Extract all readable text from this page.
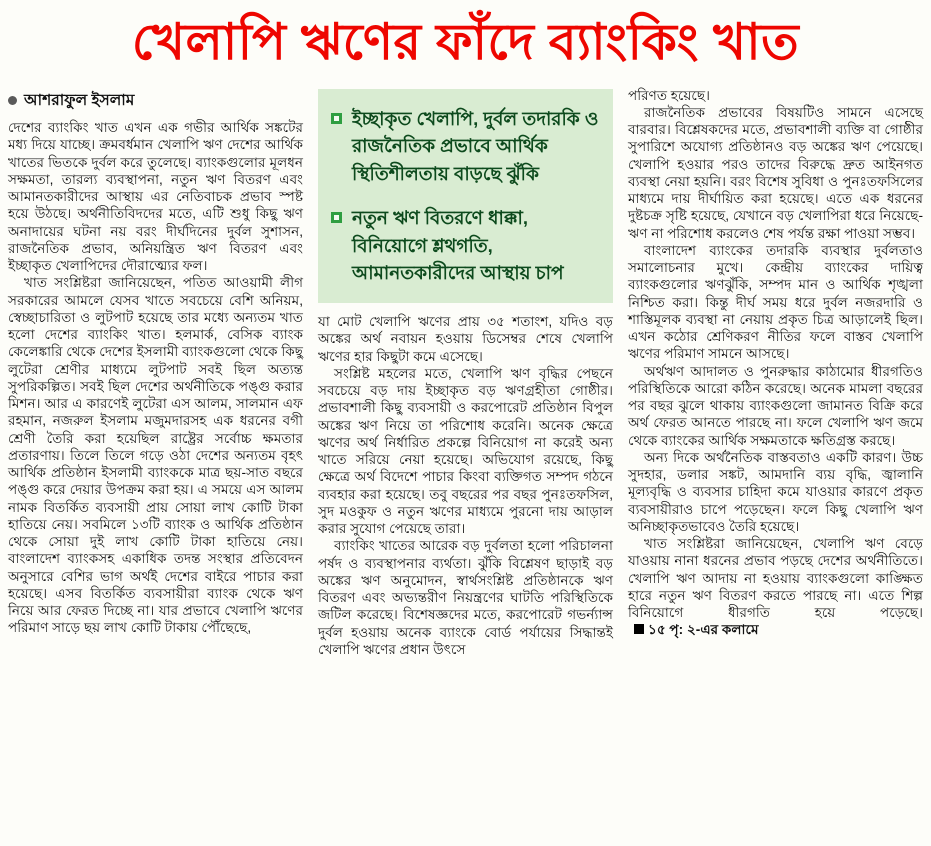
খেলাপি ঋণের ফাঁদে ব্যাংকিং খাত
আশরাফুল ইসলাম

দেশের ব্যাংকিং খাত এখন এক গভীর আর্থিক সঙ্কটের মধ্য দিয়ে যাচ্ছে। ক্রমবর্ধমান খেলাপি ঋণ দেশের আর্থিক খাতের ভিতকে দুর্বল করে তুলেছে। ব্যাংকগুলোর মূলধন সক্ষমতা, তারল্য ব্যবস্থাপনা, নতুন ঋণ বিতরণ এবং আমানতকারীদের আস্থায় এর নেতিবাচক প্রভাব স্পষ্ট হয়ে উঠছে। অর্থনীতিবিদদের মতে, এটি শুধু কিছু ঋণ অনাদায়ের ঘটনা নয় বরং দীর্ঘদিনের দুর্বল সুশাসন, রাজনৈতিক প্রভাব, অনিয়ন্ত্রিত ঋণ বিতরণ এবং ইচ্ছাকৃত খেলাপিদের দৌরাত্ম্যের ফল।

খাত সংশ্লিষ্টরা জানিয়েছেন, পতিত আওয়ামী লীগ সরকারের আমলে যেসব খাতে সবচেয়ে বেশি অনিয়ম, স্বেচ্ছাচারিতা ও লুটপাট হয়েছে তার মধ্যে অন্যতম খাত হলো দেশের ব্যাংকিং খাত। হলমার্ক, বেসিক ব্যাংক কেলেঙ্কারি থেকে দেশের ইসলামী ব্যাংকগুলো থেকে কিছু লুটেরা শ্রেণীর মাধ্যমে লুটপাট সবই ছিল অত্যন্ত সুপরিকল্পিত। সবই ছিল দেশের অর্থনীতিকে পঙ্গু করার মিশন। আর এ কারণেই লুটেরা এস আলম, সালমান এফ রহমান, নজরুল ইসলাম মজুমদারসহ এক ধরনের বগী শ্রেণী তৈরি করা হয়েছিল রাষ্ট্রের সর্বোচ্চ ক্ষমতার প্রতারণায়। তিলে তিলে গড়ে ওঠা দেশের অন্যতম বৃহৎ আর্থিক প্রতিষ্ঠান ইসলামী ব্যাংককে মাত্র ছয়-সাত বছরে পঙ্গু করে দেয়ার উপক্রম করা হয়। এ সময়ে এস আলম নামক বিতর্কিত ব্যবসায়ী প্রায় সোয়া লাখ কোটি টাকা হাতিয়ে নেয়। সবমিলে ১৩টি ব্যাংক ও আর্থিক প্রতিষ্ঠান থেকে সোয়া দুই লাখ কোটি টাকা হাতিয়ে নেয়। বাংলাদেশ ব্যাংকসহ একাধিক তদন্ত সংস্থার প্রতিবেদন অনুসারে বেশির ভাগ অর্থই দেশের বাইরে পাচার করা হয়েছে। এসব বিতর্কিত ব্যবসায়ীরা ব্যাংক থেকে ঋণ নিয়ে আর ফেরত দিচ্ছে না। যার প্রভাবে খেলাপি ঋণের পরিমাণ সাড়ে ছয় লাখ কোটি টাকায় পৌঁছেছে,

ইচ্ছাকৃত খেলাপি, দুর্বল তদারকি ও রাজনৈতিক প্রভাবে আর্থিক স্থিতিশীলতায় বাড়ছে ঝুঁকি
নতুন ঋণ বিতরণে ধাক্কা, বিনিয়োগে শ্লথগতি, আমানতকারীদের আস্থায় চাপ

যা মোট খেলাপি ঋণের প্রায় ৩৫ শতাংশ, যদিও বড় অঙ্কের অর্থ নবায়ন হওয়ায় ডিসেম্বর শেষে খেলাপি ঋণের হার কিছুটা কমে এসেছে।

সংশ্লিষ্ট মহলের মতে, খেলাপি ঋণ বৃদ্ধির পেছনে সবচেয়ে বড় দায় ইচ্ছাকৃত বড় ঋণগ্রহীতা গোষ্ঠীর। প্রভাবশালী কিছু ব্যবসায়ী ও করপোরেট প্রতিষ্ঠান বিপুল অঙ্কের ঋণ নিয়ে তা পরিশোধ করেনি। অনেক ক্ষেত্রে ঋণের অর্থ নির্ধারিত প্রকল্পে বিনিয়োগ না করেই অন্য খাতে সরিয়ে নেয়া হয়েছে। অভিযোগ রয়েছে, কিছু ক্ষেত্রে অর্থ বিদেশে পাচার কিংবা ব্যক্তিগত সম্পদ গঠনে ব্যবহার করা হয়েছে। তবু বছরের পর বছর পুনঃতফসিল, সুদ মওকুফ ও নতুন ঋণের মাধ্যমে পুরনো দায় আড়াল করার সুযোগ পেয়েছে তারা।

ব্যাংকিং খাতের আরেক বড় দুর্বলতা হলো পরিচালনা পর্ষদ ও ব্যবস্থাপনার ব্যর্থতা। ঝুঁকি বিশ্লেষণ ছাড়াই বড় অঙ্কের ঋণ অনুমোদন, স্বার্থসংশ্লিষ্ট প্রতিষ্ঠানকে ঋণ বিতরণ এবং অভ্যন্তরীণ নিয়ন্ত্রণের ঘাটতি পরিস্থিতিকে জটিল করেছে। বিশেষজ্ঞদের মতে, করপোরেট গভর্ন্যান্স দুর্বল হওয়ায় অনেক ব্যাংকে বোর্ড পর্যায়ের সিদ্ধান্তই খেলাপি ঋণের প্রধান উৎসে

পরিণত হয়েছে।

রাজনৈতিক প্রভাবের বিষয়টিও সামনে এসেছে বারবার। বিশ্লেষকদের মতে, প্রভাবশালী ব্যক্তি বা গোষ্ঠীর সুপারিশে অযোগ্য প্রতিষ্ঠানও বড় অঙ্কের ঋণ পেয়েছে। খেলাপি হওয়ার পরও তাদের বিরুদ্ধে দ্রুত আইনগত ব্যবস্থা নেয়া হয়নি। বরং বিশেষ সুবিধা ও পুনঃতফসিলের মাধ্যমে দায় দীর্ঘায়িত করা হয়েছে। এতে এক ধরনের দুষ্টচক্র সৃষ্টি হয়েছে, যেখানে বড় খেলাপিরা ধরে নিয়েছে-ঋণ না পরিশোধ করলেও শেষ পর্যন্ত রক্ষা পাওয়া সম্ভব।

বাংলাদেশ ব্যাংকের তদারকি ব্যবস্থার দুর্বলতাও সমালোচনার মুখে। কেন্দ্রীয় ব্যাংকের দায়িত্ব ব্যাংকগুলোর ঋণঝুঁকি, সম্পদ মান ও আর্থিক শৃঙ্খলা নিশ্চিত করা। কিন্তু দীর্ঘ সময় ধরে দুর্বল নজরদারি ও শাস্তিমূলক ব্যবস্থা না নেয়ায় প্রকৃত চিত্র আড়ালেই ছিল। এখন কঠোর শ্রেণিকরণ নীতির ফলে বাস্তব খেলাপি ঋণের পরিমাণ সামনে আসছে।

অর্থঋণ আদালত ও পুনরুদ্ধার কাঠামোর ধীরগতিও পরিস্থিতিকে আরো কঠিন করেছে। অনেক মামলা বছরের পর বছর ঝুলে থাকায় ব্যাংকগুলো জামানত বিক্রি করে অর্থ ফেরত আনতে পারছে না। ফলে খেলাপি ঋণ জমে থেকে ব্যাংকের আর্থিক সক্ষমতাকে ক্ষতিগ্রস্ত করছে।

অন্য দিকে অর্থনৈতিক বাস্তবতাও একটি কারণ। উচ্চ সুদহার, ডলার সঙ্কট, আমদানি ব্যয় বৃদ্ধি, জ্বালানি মূল্যবৃদ্ধি ও ব্যবসার চাহিদা কমে যাওয়ার কারণে প্রকৃত ব্যবসায়ীরাও চাপে পড়েছেন। ফলে কিছু খেলাপি ঋণ অনিচ্ছাকৃতভাবেও তৈরি হয়েছে।

খাত সংশ্লিষ্টরা জানিয়েছেন, খেলাপি ঋণ বেড়ে যাওয়ায় নানা ধরনের প্রভাব পড়ছে দেশের অর্থনীতিতে। খেলাপি ঋণ আদায় না হওয়ায় ব্যাংকগুলো কাঙ্ক্ষিত হারে নতুন ঋণ বিতরণ করতে পারছে না। এতে শিল্প বিনিয়োগে ধীরগতি হয়ে পড়েছে। ১৫ পৃ: ২-এর কলামে
